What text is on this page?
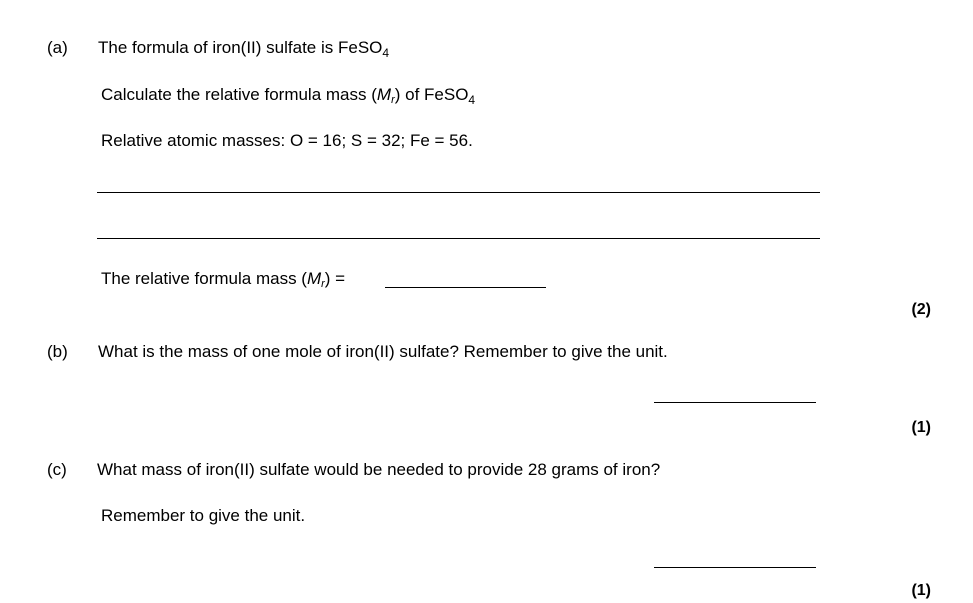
(a) The formula of iron(II) sulfate is FeSO$_4$
Calculate the relative formula mass $(M_r)$ of FeSO$_4$
Relative atomic masses: O = 16; S = 32; Fe = 56.
The relative formula mass $(M_r)$ =
(2)
(b) What is the mass of one mole of iron(II) sulfate? Remember to give the unit.
(1)
(c) What mass of iron(II) sulfate would be needed to provide 28 grams of iron?
Remember to give the unit.
(1)
